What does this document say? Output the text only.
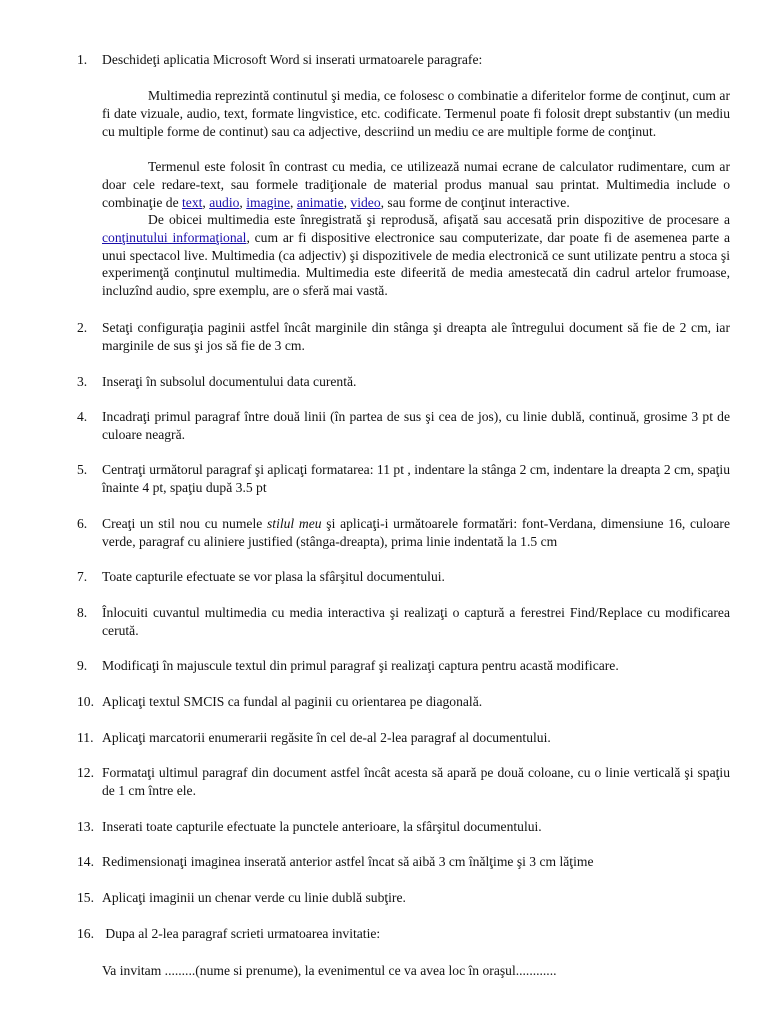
1. Deschideţi aplicatia Microsoft Word si inserati urmatoarele paragrafe:
Multimedia reprezintă continutul şi media, ce folosesc o combinatie a diferitelor forme de conţinut, cum ar fi date vizuale, audio, text, formate lingvistice, etc. codificate. Termenul poate fi folosit drept substantiv (un mediu cu multiple forme de continut) sau ca adjective, descriind un mediu ce are multiple forme de conţinut.
Termenul este folosit în contrast cu media, ce utilizează numai ecrane de calculator rudimentare, cum ar doar cele redare-text, sau formele tradiţionale de material produs manual sau printat. Multimedia include o combinaţie de text, audio, imagine, animatie, video, sau forme de conţinut interactive.
De obicei multimedia este înregistrată şi reprodusă, afişată sau accesată prin dispozitive de procesare a conţinutului informaţional, cum ar fi dispositive electronice sau computerizate, dar poate fi de asemenea parte a unui spectacol live. Multimedia (ca adjectiv) şi dispozitivele de media electronică ce sunt utilizate pentru a stoca şi experimenţă conţinutul multimedia. Multimedia este difeerită de media amestecată din cadrul artelor frumoase, incluzînd audio, spre exemplu, are o sferă mai vastă.
2. Setaţi configuraţia paginii astfel încât marginile din stânga şi dreapta ale întregului document să fie de 2 cm, iar marginile de sus şi jos să fie de 3 cm.
3. Inseraţi în subsolul documentului data curentă.
4. Incadraţi primul paragraf între două linii (în partea de sus şi cea de jos), cu linie dublă, continuă, grosime 3 pt de culoare neagră.
5. Centraţi următorul paragraf şi aplicaţi formatarea: 11 pt , indentare la stânga 2 cm, indentare la dreapta 2 cm, spaţiu înainte 4 pt, spaţiu după 3.5 pt
6. Creaţi un stil nou cu numele stilul meu şi aplicaţi-i următoarele formatări: font-Verdana, dimensiune 16, culoare verde, paragraf cu aliniere justified (stânga-dreapta), prima linie indentată la 1.5 cm
7. Toate capturile efectuate se vor plasa la sfârşitul documentului.
8. Înlocuiti cuvantul multimedia cu media interactiva şi realizaţi o captură a ferestrei Find/Replace cu modificarea cerută.
9. Modificaţi în majuscule textul din primul paragraf şi realizaţi captura pentru acastă modificare.
10. Aplicaţi textul SMCIS ca fundal al paginii cu orientarea pe diagonală.
11. Aplicaţi marcatorii enumerarii regăsite în cel de-al 2-lea paragraf al documentului.
12. Formataţi ultimul paragraf din document astfel încât acesta să apară pe două coloane, cu o linie verticală şi spaţiu de 1 cm între ele.
13. Inserati toate capturile efectuate la punctele anterioare, la sfârşitul documentului.
14. Redimensionaţi imaginea inserată anterior astfel încat să aibă 3 cm înălţime şi 3 cm lăţime
15. Aplicaţi imaginii un chenar verde cu linie dublă subţire.
16. Dupa al 2-lea paragraf scrieti urmatoarea invitatie:
Va invitam .........(nume si prenume), la evenimentul ce va avea loc în oraşul............
